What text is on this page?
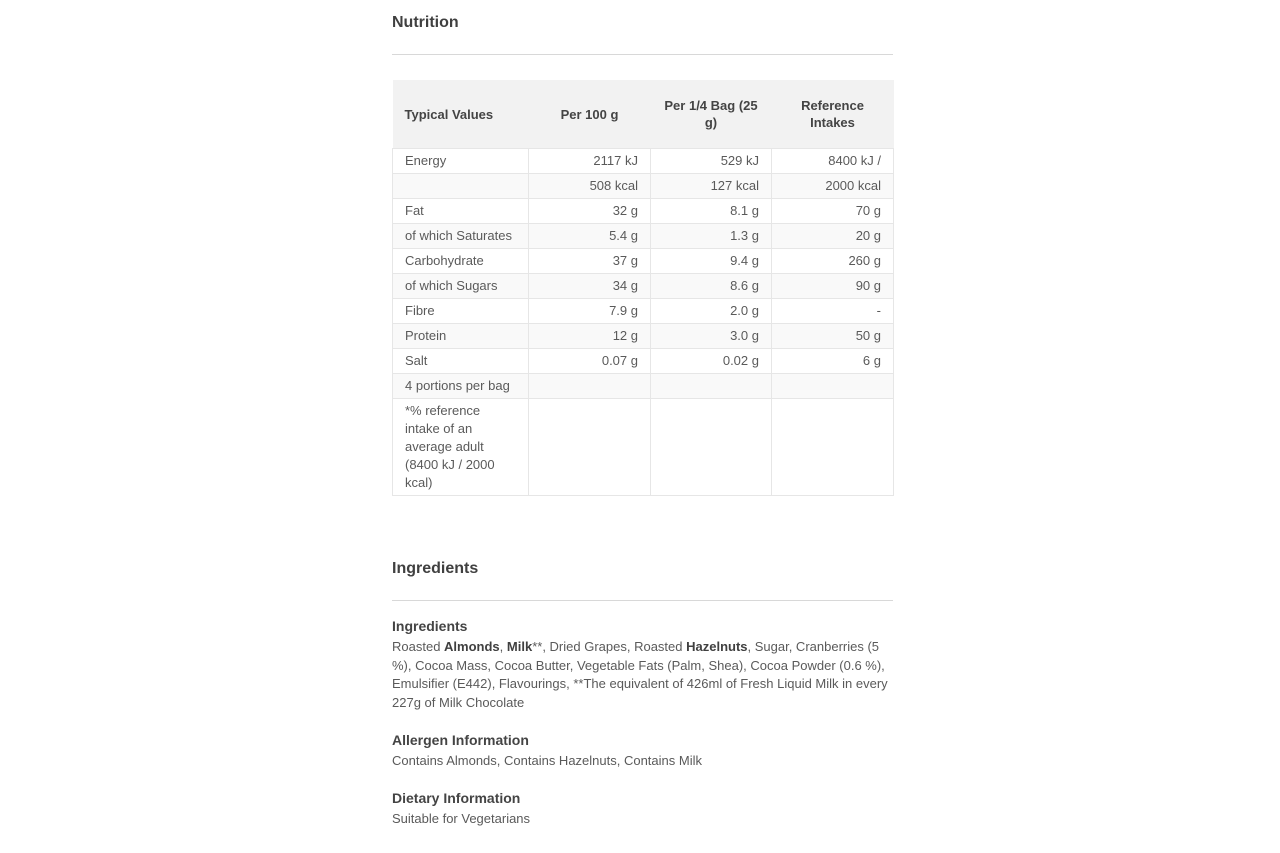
Nutrition
Typical Values	Per 100 g	Per 1/4 Bag (25 g)	Reference Intakes
Energy	2117 kJ	529 kJ	8400 kJ /
	508 kcal	127 kcal	2000 kcal
Fat	32 g	8.1 g	70 g
of which Saturates	5.4 g	1.3 g	20 g
Carbohydrate	37 g	9.4 g	260 g
of which Sugars	34 g	8.6 g	90 g
Fibre	7.9 g	2.0 g	-
Protein	12 g	3.0 g	50 g
Salt	0.07 g	0.02 g	6 g
4 portions per bag			
*% reference intake of an average adult (8400 kJ / 2000 kcal)			
Ingredients
Ingredients

Roasted Almonds, Milk**, Dried Grapes, Roasted Hazelnuts, Sugar, Cranberries (5 %), Cocoa Mass, Cocoa Butter, Vegetable Fats (Palm, Shea), Cocoa Powder (0.6 %), Emulsifier (E442), Flavourings, **The equivalent of 426ml of Fresh Liquid Milk in every 227g of Milk Chocolate

Allergen Information

Contains Almonds, Contains Hazelnuts, Contains Milk

Dietary Information

Suitable for Vegetarians
